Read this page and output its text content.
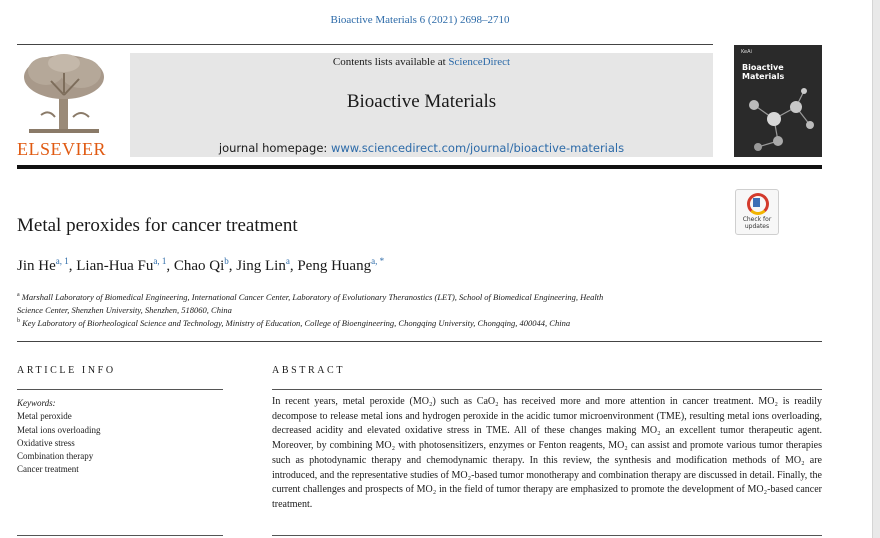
Bioactive Materials 6 (2021) 2698–2710
ELSEVIER
Contents lists available at ScienceDirect
Bioactive Materials
journal homepage: www.sciencedirect.com/journal/bioactive-materials
KeAi
Bioactive
Materials
Check for
updates
Metal peroxides for cancer treatment
Jin He$^{a, 1}$, Lian-Hua Fu$^{a, 1}$, Chao Qi$^b$, Jing Lin$^a$, Peng Huang$^{a, *}$
$^a$ Marshall Laboratory of Biomedical Engineering, International Cancer Center, Laboratory of Evolutionary Theranostics (LET), School of Biomedical Engineering, Health
Science Center, Shenzhen University, Shenzhen, 518060, China
$^b$ Key Laboratory of Biorheological Science and Technology, Ministry of Education, College of Bioengineering, Chongqing University, Chongqing, 400044, China
ARTICLE INFO
Keywords:
Metal peroxide
Metal ions overloading
Oxidative stress
Combination therapy
Cancer treatment
ABSTRACT
In recent years, metal peroxide (MO₂) such as CaO₂ has received more and more attention in cancer treatment. MO₂ is readily decompose to release metal ions and hydrogen peroxide in the acidic tumor microenvironment (TME), resulting metal ions overloading, decreased acidity and elevated oxidative stress in TME. All of these changes making MO₂ an excellent tumor therapeutic agent. Moreover, by combining MO₂ with photosensitizers, enzymes or Fenton reagents, MO₂ can assist and promote various tumor therapies such as photodynamic therapy and chemodynamic therapy. In this review, the synthesis and modification methods of MO₂ are introduced, and the representative studies of MO₂-based tumor monotherapy and combination therapy are discussed in detail. Finally, the current challenges and prospects of MO₂ in the field of tumor therapy are emphasized to promote the development of MO₂-based cancer treatment.
